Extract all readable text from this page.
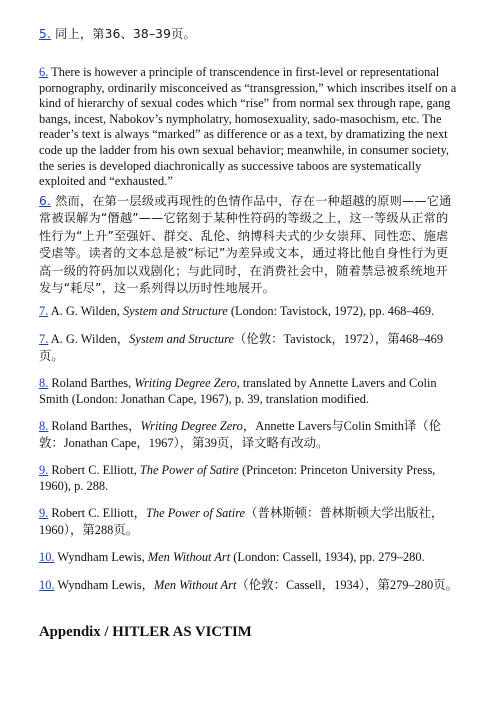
5. 同上，第36、38–39页。

6. There is however a principle of transcendence in first-level or representational pornography, ordinarily misconceived as “transgression,” which inscribes itself on a kind of hierarchy of sexual codes which “rise” from normal sex through rape, gang bangs, incest, Nabokov’s nympholatry, homosexuality, sado-masochism, etc. The reader’s text is always “marked” as difference or as a text, by dramatizing the next code up the ladder from his own sexual behavior; meanwhile, in consumer society, the series is developed diachronically as successive taboos are systematically exploited and “exhausted.”

6. 然而，在第一层级或再现性的色情作品中，存在一种超越的原则——它通常被误解为“僭越”——它铭刻于某种性符码的等级之上，这一等级从正常的性行为“上升”至强奸、群交、乱伦、纳博科夫式的少女崇拜、同性恋、施虐受虐等。读者的文本总是被“标记”为差异或文本，通过将比他自身性行为更高一级的符码加以戏剧化；与此同时，在消费社会中，随着禁忌被系统地开发与“耗尽”，这一系列得以历时性地展开。

7. A. G. Wilden, System and Structure (London: Tavistock, 1972), pp. 468–469.

7. A. G. Wilden，System and Structure（伦敦：Tavistock，1972），第468–469页。

8. Roland Barthes, Writing Degree Zero, translated by Annette Lavers and Colin Smith (London: Jonathan Cape, 1967), p. 39, translation modified.

8. Roland Barthes，Writing Degree Zero，Annette Lavers与Colin Smith译（伦敦：Jonathan Cape，1967），第39页，译文略有改动。

9. Robert C. Elliott, The Power of Satire (Princeton: Princeton University Press, 1960), p. 288.

9. Robert C. Elliott，The Power of Satire（普林斯顿：普林斯顿大学出版社，1960），第288页。

10. Wyndham Lewis, Men Without Art (London: Cassell, 1934), pp. 279–280.

10. Wyndham Lewis，Men Without Art（伦敦：Cassell，1934），第279–280页。

Appendix / HITLER AS VICTIM
